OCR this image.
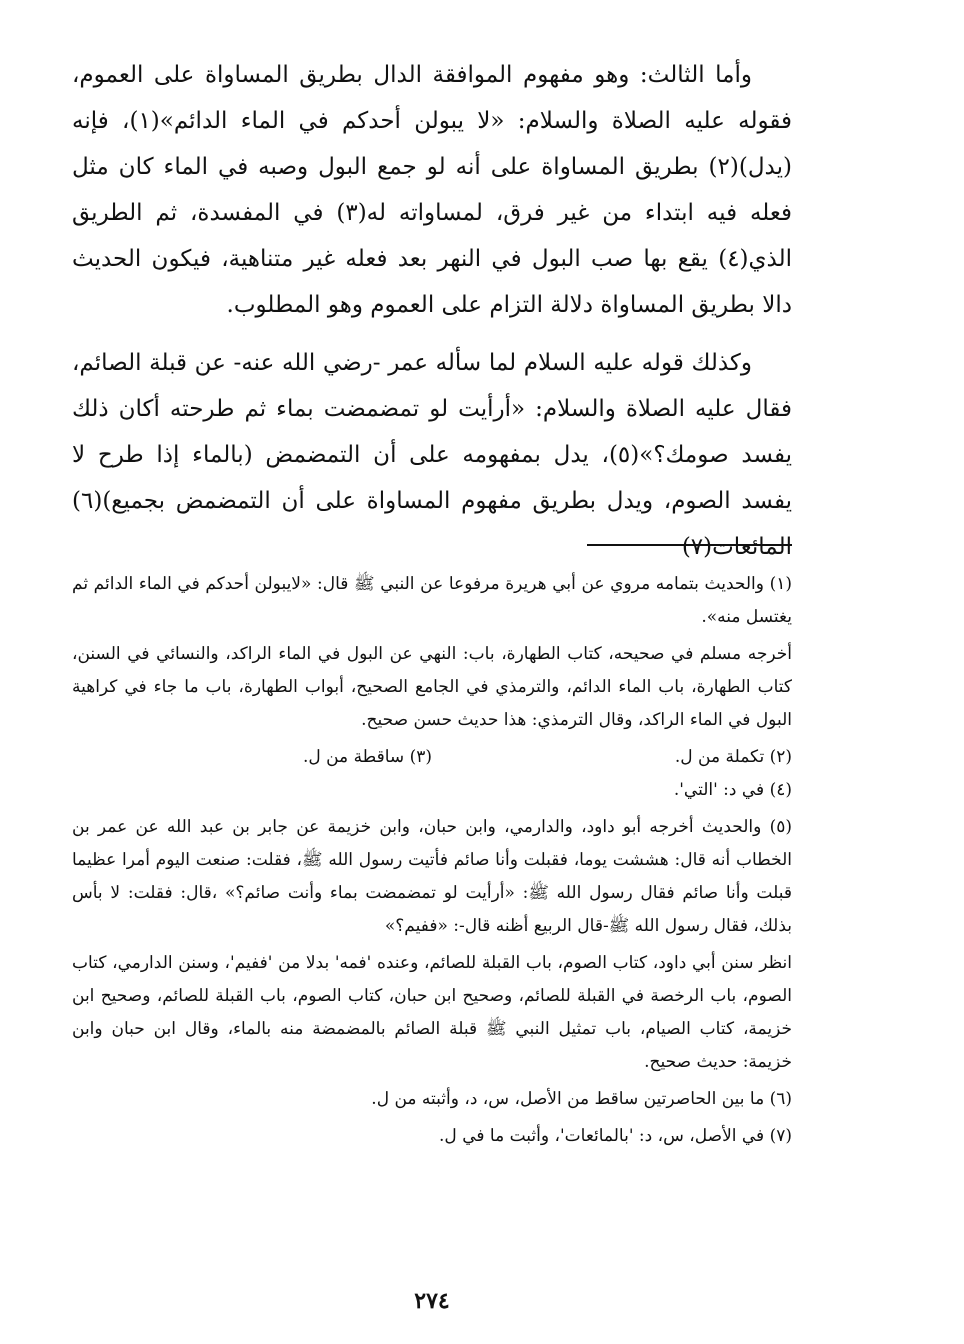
وأما الثالث: وهو مفهوم الموافقة الدال بطريق المساواة على العموم، فقوله عليه الصلاة والسلام: «لا يبولن أحدكم في الماء الدائم»(١)، فإنه (يدل)(٢) بطريق المساواة على أنه لو جمع البول وصبه في الماء كان مثل فعله فيه ابتداء من غير فرق، لمساواته له(٣) في المفسدة، ثم الطريق الذي(٤) يقع بها صب البول في النهر بعد فعله غير متناهية، فيكون الحديث دالا بطريق المساواة دلالة التزام على العموم وهو المطلوب.

وكذلك قوله عليه السلام لما سأله عمر -رضي الله عنه- عن قبلة الصائم، فقال عليه الصلاة والسلام: «أرأيت لو تمضمضت بماء ثم طرحته أكان ذلك يفسد صومك؟»(٥)، يدل بمفهومه على أن التمضمض (بالماء إذا طرح لا يفسد الصوم، ويدل بطريق مفهوم المساواة على أن التمضمض بجميع)(٦) المائعات(٧)

(١) والحديث بتمامه مروي عن أبي هريرة مرفوعا عن النبي ﷺ قال: «لايبولن أحدكم في الماء الدائم ثم يغتسل منه».

أخرجه مسلم في صحيحه، كتاب الطهارة، باب: النهي عن البول في الماء الراكد، والنسائي في السنن، كتاب الطهارة، باب الماء الدائم، والترمذي في الجامع الصحيح، أبواب الطهارة، باب ما جاء في كراهية البول في الماء الراكد، وقال الترمذي: هذا حديث حسن صحيح.

(٢) تكملة من ل.

(٣) ساقطة من ل.

(٤) في د: 'التي'.

(٥) والحديث أخرجه أبو داود، والدارمي، وابن حبان، وابن خزيمة عن جابر بن عبد الله عن عمر بن الخطاب أنه قال: هششت يوما، فقبلت وأنا صائم فأتيت رسول الله ﷺ، فقلت: صنعت اليوم أمرا عظيما قبلت وأنا صائم فقال رسول الله ﷺ: «أرأيت لو تمضمضت بماء وأنت صائم؟» ،قال: فقلت: لا بأس بذلك، فقال رسول الله ﷺ-قال الربيع أظنه قال-: «ففيم؟»

انظر سنن أبي داود، كتاب الصوم، باب القبلة للصائم، وعنده 'فمه' بدلا من 'ففيم'، وسنن الدارمي، كتاب الصوم، باب الرخصة في القبلة للصائم، وصحيح ابن حبان، كتاب الصوم، باب القبلة للصائم، وصحيح ابن خزيمة، كتاب الصيام، باب تمثيل النبي ﷺ قبلة الصائم بالمضمضة منه بالماء، وقال ابن حبان وابن خزيمة: حديث صحيح.

(٦) ما بين الحاصرتين ساقط من الأصل، س، د، وأثبته من ل.

(٧) في الأصل، س، د: 'بالمائعات'، وأثبت ما في ل.

٢٧٤
